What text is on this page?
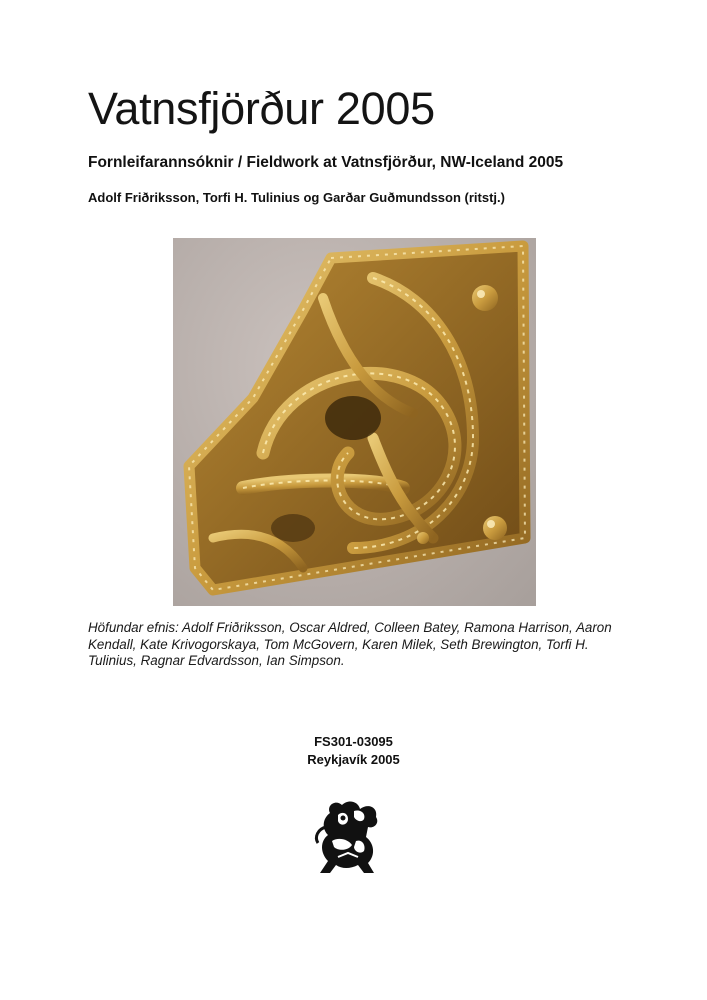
Vatnsfjörður 2005

Fornleifarannsóknir / Fieldwork at Vatnsfjörður, NW-Iceland 2005

Adolf Friðriksson, Torfi H. Tulinius og Garðar Guðmundsson (ritstj.)

Höfundar efnis: Adolf Friðriksson, Oscar Aldred, Colleen Batey, Ramona Harrison, Aaron Kendall, Kate Krivogorskaya, Tom McGovern, Karen Milek, Seth Brewington, Torfi H. Tulinius, Ragnar Edvardsson, Ian Simpson.

FS301-03095
Reykjavík 2005
